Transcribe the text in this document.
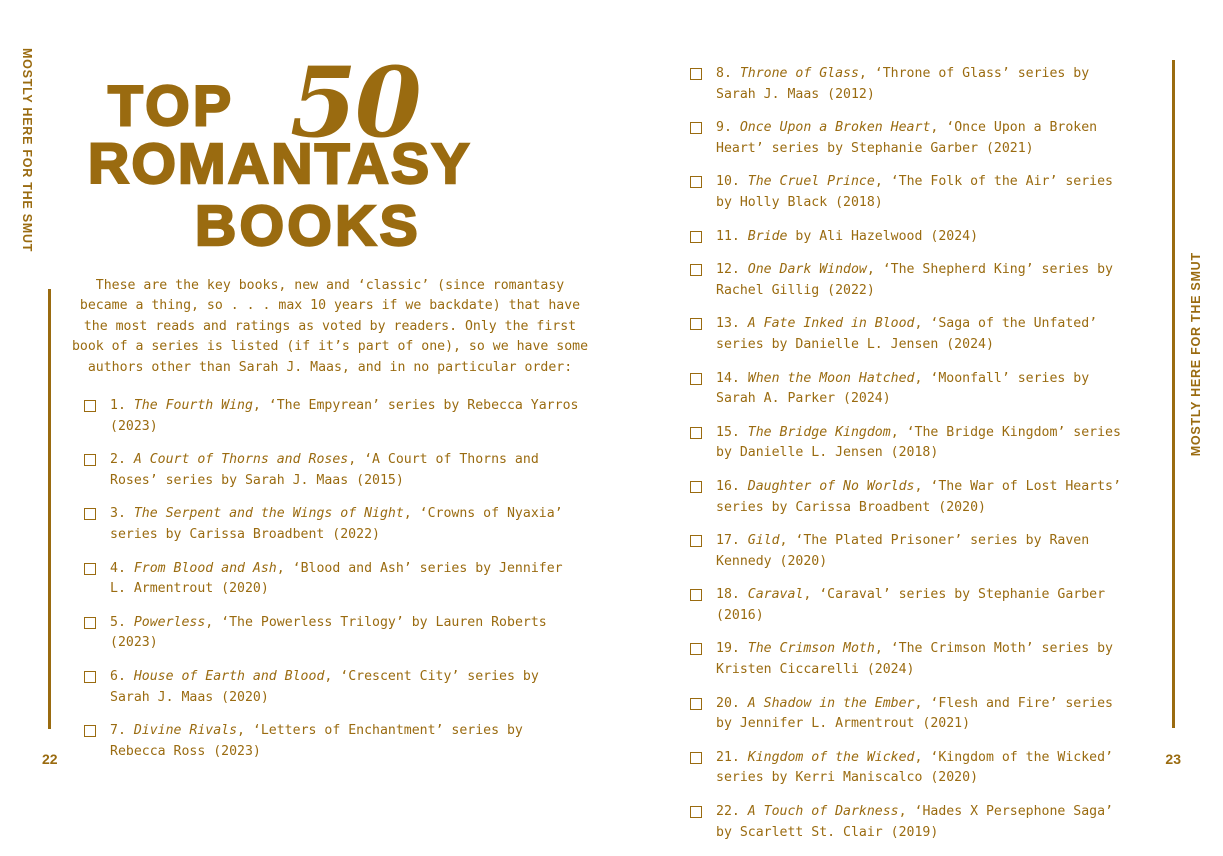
MOSTLY HERE FOR THE SMUT
MOSTLY HERE FOR THE SMUT
22	23
TOP 50
ROMANTASY
BOOKS
These are the key books, new and ‘classic’ (since romantasy became a thing, so . . . max 10 years if we backdate) that have the most reads and ratings as voted by readers. Only the first book of a series is listed (if it’s part of one), so we have some authors other than Sarah J. Maas, and in no particular order:
1. The Fourth Wing, ‘The Empyrean’ series by Rebecca Yarros (2023)
2. A Court of Thorns and Roses, ‘A Court of Thorns and Roses’ series by Sarah J. Maas (2015)
3. The Serpent and the Wings of Night, ‘Crowns of Nyaxia’ series by Carissa Broadbent (2022)
4. From Blood and Ash, ‘Blood and Ash’ series by Jennifer L. Armentrout (2020)
5. Powerless, ‘The Powerless Trilogy’ by Lauren Roberts (2023)
6. House of Earth and Blood, ‘Crescent City’ series by Sarah J. Maas (2020)
7. Divine Rivals, ‘Letters of Enchantment’ series by Rebecca Ross (2023)
8. Throne of Glass, ‘Throne of Glass’ series by Sarah J. Maas (2012)
9. Once Upon a Broken Heart, ‘Once Upon a Broken Heart’ series by Stephanie Garber (2021)
10. The Cruel Prince, ‘The Folk of the Air’ series by Holly Black (2018)
11. Bride by Ali Hazelwood (2024)
12. One Dark Window, ‘The Shepherd King’ series by Rachel Gillig (2022)
13. A Fate Inked in Blood, ‘Saga of the Unfated’ series by Danielle L. Jensen (2024)
14. When the Moon Hatched, ‘Moonfall’ series by Sarah A. Parker (2024)
15. The Bridge Kingdom, ‘The Bridge Kingdom’ series by Danielle L. Jensen (2018)
16. Daughter of No Worlds, ‘The War of Lost Hearts’ series by Carissa Broadbent (2020)
17. Gild, ‘The Plated Prisoner’ series by Raven Kennedy (2020)
18. Caraval, ‘Caraval’ series by Stephanie Garber (2016)
19. The Crimson Moth, ‘The Crimson Moth’ series by Kristen Ciccarelli (2024)
20. A Shadow in the Ember, ‘Flesh and Fire’ series by Jennifer L. Armentrout (2021)
21. Kingdom of the Wicked, ‘Kingdom of the Wicked’ series by Kerri Maniscalco (2020)
22. A Touch of Darkness, ‘Hades X Persephone Saga’ by Scarlett St. Clair (2019)
